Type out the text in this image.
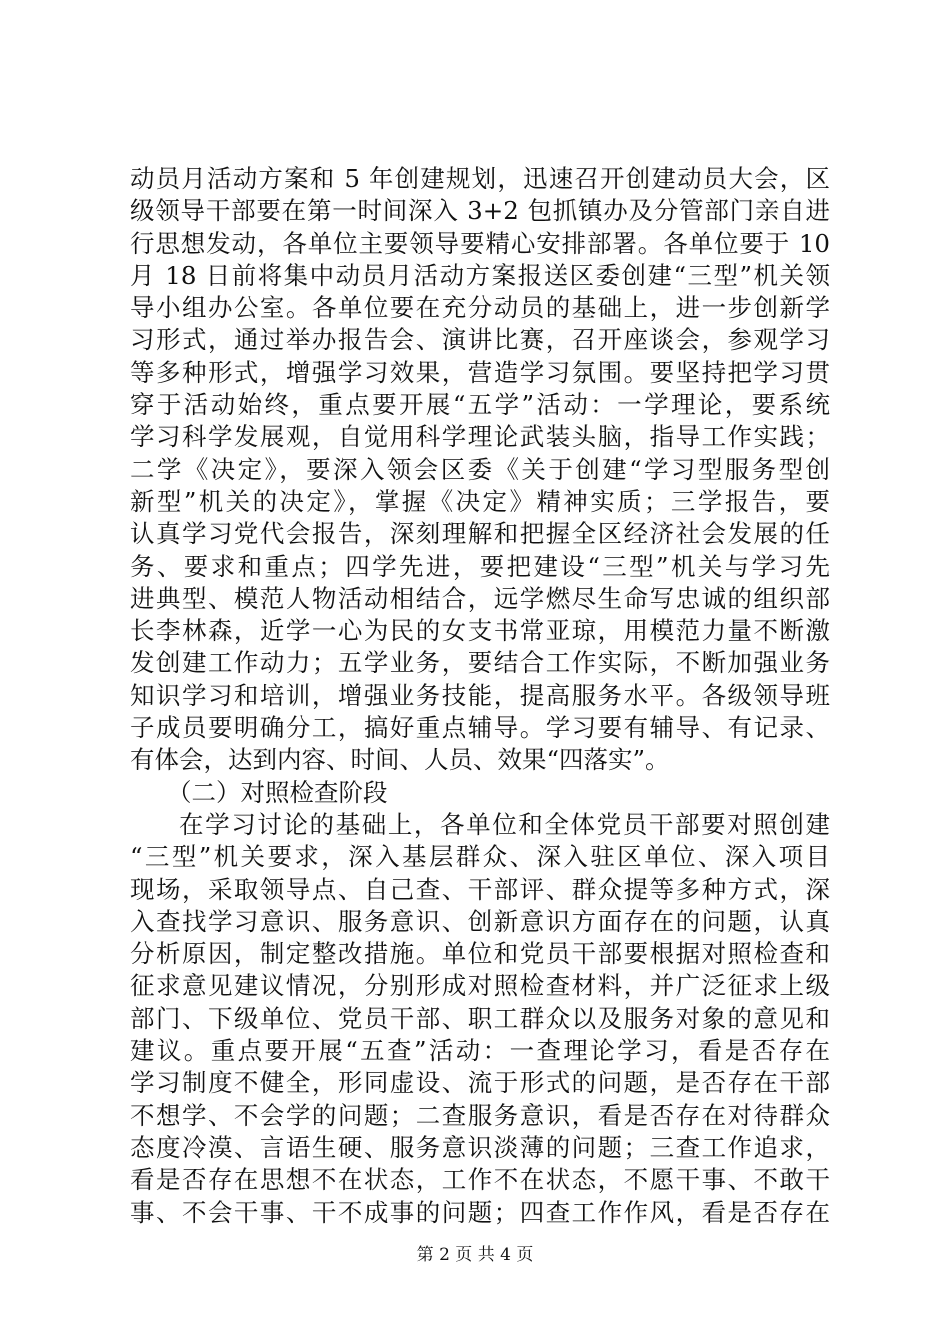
动员月活动方案和 5 年创建规划，迅速召开创建动员大会，区
级领导干部要在第一时间深入 3+2 包抓镇办及分管部门亲自进
行思想发动，各单位主要领导要精心安排部署。各单位要于 10
月 18 日前将集中动员月活动方案报送区委创建“三型”机关领
导小组办公室。各单位要在充分动员的基础上，进一步创新学
习形式，通过举办报告会、演讲比赛，召开座谈会，参观学习
等多种形式，增强学习效果，营造学习氛围。要坚持把学习贯
穿于活动始终，重点要开展“五学”活动：一学理论，要系统
学习科学发展观，自觉用科学理论武装头脑，指导工作实践；
二学《决定》，要深入领会区委《关于创建“学习型服务型创
新型”机关的决定》，掌握《决定》精神实质；三学报告，要
认真学习党代会报告，深刻理解和把握全区经济社会发展的任
务、要求和重点；四学先进，要把建设“三型”机关与学习先
进典型、模范人物活动相结合，远学燃尽生命写忠诚的组织部
长李林森，近学一心为民的女支书常亚琼，用模范力量不断激
发创建工作动力；五学业务，要结合工作实际，不断加强业务
知识学习和培训，增强业务技能，提高服务水平。各级领导班
子成员要明确分工，搞好重点辅导。学习要有辅导、有记录、
有体会，达到内容、时间、人员、效果“四落实”。
（二）对照检查阶段
在学习讨论的基础上，各单位和全体党员干部要对照创建
“三型”机关要求，深入基层群众、深入驻区单位、深入项目
现场，采取领导点、自己查、干部评、群众提等多种方式，深
入查找学习意识、服务意识、创新意识方面存在的问题，认真
分析原因，制定整改措施。单位和党员干部要根据对照检查和
征求意见建议情况，分别形成对照检查材料，并广泛征求上级
部门、下级单位、党员干部、职工群众以及服务对象的意见和
建议。重点要开展“五查”活动：一查理论学习，看是否存在
学习制度不健全，形同虚设、流于形式的问题，是否存在干部
不想学、不会学的问题；二查服务意识，看是否存在对待群众
态度冷漠、言语生硬、服务意识淡薄的问题；三查工作追求，
看是否存在思想不在状态，工作不在状态，不愿干事、不敢干
事、不会干事、干不成事的问题；四查工作作风，看是否存在
第 2 页 共 4 页
